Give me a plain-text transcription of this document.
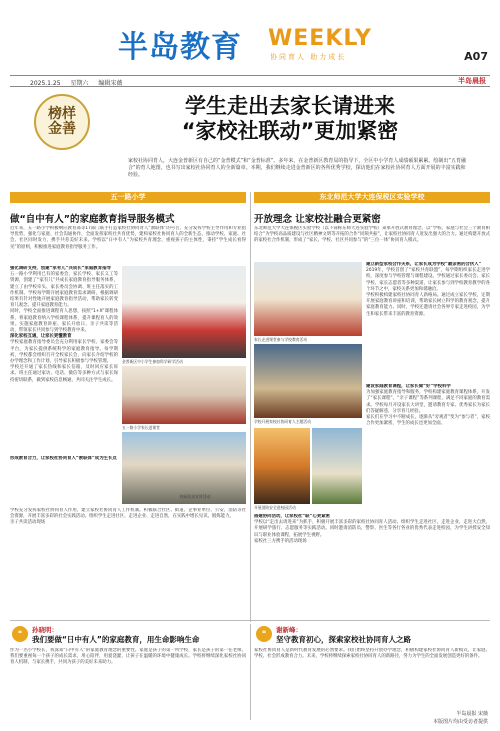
半岛教育 WEEKLY
协同育人 助力成长	A07
2025.1.25 星期六 编辑宋薇	半岛晨报
榜样金善
学生走出去家长请进来
“家校社联动”更加紧密
家校社协同育人，大连金普新区有自己的“金普模式”和“金普标准”。多年来，在金普新区教育局的指导下，全区中小学育人成绩硕果累累。绘制出“五育融合”的育人地图，也书写出家校社协同育人的全新篇章。本期，我们继续走进金普新区的各所优秀学校，探访他们在家校社协同育人方面开展的丰富实践和经验。
五一路小学	东北师范大学大连保税区实验学校
做“自中有人”的家庭教育指导服务模式
近年来，五一路小学积极响应教育部等17部门联手打造家校社协同育人“教联体”的号召，充分发挥学校主导作用和专业指导优势，强化与家庭、社会沟通协作，全面发挥家校社共育优势，建构家校社协同育人的全新生态，推动学校、家庭、社会、社区同时发力，携手共育美好未来。学校以“日中有人”为家校共育理念，重视孩子的主体性，秉持“学生成长看得见”的原则，积极推进家庭教育指导服务工作。
强化调研支持，创建“家有儿”共成长“家庭教育指导
五一路小学利用已有的家委会、家长学校、家长义工等资源，创建了“家有儿”共成长家庭教育指导服务体系，建立了由学校牵头、家长委员会协调、班主任落实的工作机制。学校每学期开展家庭教育需求调研，根据调研结果有针对性地开展家庭教育指导活动，帮助家长转变育儿观念、提升家庭教育能力。
同时，学校全面推进课程育人思想，按照“1+X”课程体系，将家庭教育纳入学校课程体系，提升课程育人的效果。实施家庭教育讲座、家长开放日、亲子共读等活动，带领家长共同参与到学校教育中来。
深化家校互通，让家长更懂教育
学校家庭教育指导委员会充分利用家长学校、家委会等平台，为家长提供系统科学的家庭教育指导。每学期初，学校都会组织召开全校家长会，向家长介绍学校的办学理念和工作计划，引导家长积极参与学校管理。
学校还开通了家长热线和家长信箱，及时回应家长诉求。班主任通过家访、电话、微信等多种方式与家长保持密切联系，做到家校信息畅通，共同关注学生成长。
金普新区中小学生参加科学研学活动
五一路小学家长进课堂
校园法治宣讲活动
形成教育合力，让家校社协同育人“教联体”成为生长点
学校充分发挥家校社协同育人作用，建立家校社协同育人工作机制。积极联合社区、街道、企事业单位、公安、消防等社会资源，开展丰富多彩的社会实践活动。组织学生走进社区、走进企业、走进自然，在实践中增长见识、锻炼能力。
亲子共读活动现场
开放理念 让家校社融合更紧密
东北师范大学大连保税区实验学校（以下简称东师大连实验学校）秉承开放式教育理念，以“学校、家庭与社会三个教育相结合”为学校高品质建设与社区精神文明等开拓的合作“同频共振”，让家校社协同育人迸发出强大的合力。通过构建开放式的家校社合作机制，形成了“家长、学校、社区共同参与”的“三位一体”协同育人模式。
家长走进课堂参与学校教育活动
学校开展家校社协同育人主题活动
建立新型家校合作关系，让家长成为学校“最亲密的合伙人”
2019年，学校首创了“家校共育联盟”，每学期组织家长走进学校，深度参与学校管理与课程建设。学校通过家长委员会、家长学校、家长志愿者等多种渠道，让家长参与到学校教育教学的各个环节之中，家校关系更加和谐融洽。
学校积极构建家校社协同育人新格局。通过成立家长学校，定期开展家庭教育讲座和培训，帮助家长树立科学的教育观念，提升家庭教育能力。同时，学校还邀请社会各界专家走进校园，为学生和家长带来丰富的教育资源。
建设家庭教育课程，让家长做“好”学校科学
为加强家庭教育指导和服务，学校构建家庭教育课程体系，开发了“家长课程”、“亲子课程”等系列课程，满足不同家庭的教育需求。学校每月开设家长大讲堂，邀请教育专家、优秀家长为家长们答疑解惑，分享育儿经验。
家长们在学习中不断成长，逐渐从“旁观者”变为“参与者”，家校合作更加紧密，学生的成长也更加全面。
开展消防安全进校园活动
搭建协同活动，让家校社“联”心更紧密
学校以“走出去请进来”为抓手，积极开展丰富多彩的家校社协同育人活动。组织学生走进社区、走进企业、走进大自然，开展研学旅行、志愿服务等实践活动。同时邀请消防员、警察、医生等各行各业的优秀代表走进校园，为学生讲授安全知识与职业体验课程，拓展学生视野。
家校社三方携手的活动现场
❝	孙晓明：
我们要做“日中有人”的家庭教育，用生命影响生命
作为一名小学校长，我深知“日中有人”的家庭教育理念的重要性。家庭是孩子的第一所学校，家长是孩子的第一任老师。我们要重视每一个孩子的成长需求，用心陪伴，用爱浇灌，让孩子在温暖的环境中健康成长。学校将继续深化家校社协同育人机制，与家长携手，共同为孩子的美好未来助力。
❝	谢新峰：
坚守教育初心，探索家校社协同育人之路
家校社协同育人是新时代教育发展的必然要求。我们始终坚持开放办学理念，积极构建家校社协同育人新模式，让家庭、学校、社会形成教育合力。未来，学校将继续探索家校社协同育人的新路径，努力为学生的全面发展创造更好的条件。
半岛晨报 宋薇
本版图片均由受访者提供
